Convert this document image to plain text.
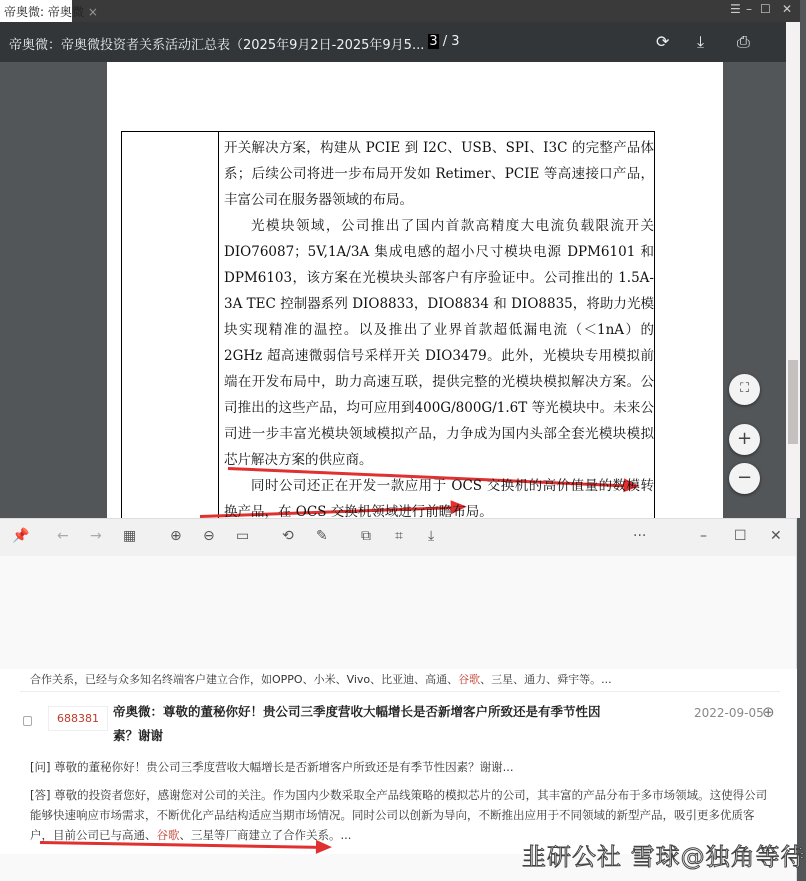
帝奥微: 帝奥微 ×	☰ – ☐ ✕
帝奥微：帝奥微投资者关系活动汇总表（2025年9月2日-2025年9月5... 3 / 3	⟳ ⤓ ⎙

开关解决方案，构建从 PCIE 到 I2C、USB、SPI、I3C 的完整产品体系；后续公司将进一步布局开发如 Retimer、PCIE 等高速接口产品，丰富公司在服务器领域的布局。

光模块领域，公司推出了国内首款高精度大电流负载限流开关DIO76087；5V,1A/3A 集成电感的超小尺寸模块电源 DPM6101 和 DPM6103，该方案在光模块头部客户有序验证中。公司推出的 1.5A-3A TEC 控制器系列 DIO8833，DIO8834 和 DIO8835，将助力光模块实现精准的温控。以及推出了业界首款超低漏电流（＜1nA）的 2GHz 超高速微弱信号采样开关 DIO3479。此外，光模块专用模拟前端在开发布局中，助力高速互联，提供完整的光模块模拟解决方案。公司推出的这些产品，均可应用到400G/800G/1.6T 等光模块中。未来公司进一步丰富光模块领域模拟产品，力争成为国内头部全套光模块模拟芯片解决方案的供应商。

同时公司还正在开发一款应用于 OCS 交换机的高价值量的数模转换产品，在 OCS 交换机领域进行前瞻布局。

⛶
+
−
📌 ← → ▦ ⊕ ⊖ ▭ ⟲ ✎ ⧉ ⌗ ⤓	···	– ☐ ✕
合作关系，已经与众多知名终端客户建立合作，如OPPO、小米、Vivo、比亚迪、高通、谷歌、三星、通力、舜宇等。...
688381	帝奥微：尊敬的董秘你好！贵公司三季度营收大幅增长是否新增客户所致还是有季节性因素？谢谢
2022-09-05
⊕
[问] 尊敬的董秘你好！贵公司三季度营收大幅增长是否新增客户所致还是有季节性因素？谢谢...
[答] 尊敬的投资者您好，感谢您对公司的关注。作为国内少数采取全产品线策略的模拟芯片的公司，其丰富的产品分布于多市场领域。这使得公司能够快速响应市场需求，不断优化产品结构适应当期市场情况。同时公司以创新为导向，不断推出应用于不同领域的新型产品，吸引更多优质客户，目前公司已与高通、谷歌、三星等厂商建立了合作关系。...
韭研公社 雪球@独角等待
